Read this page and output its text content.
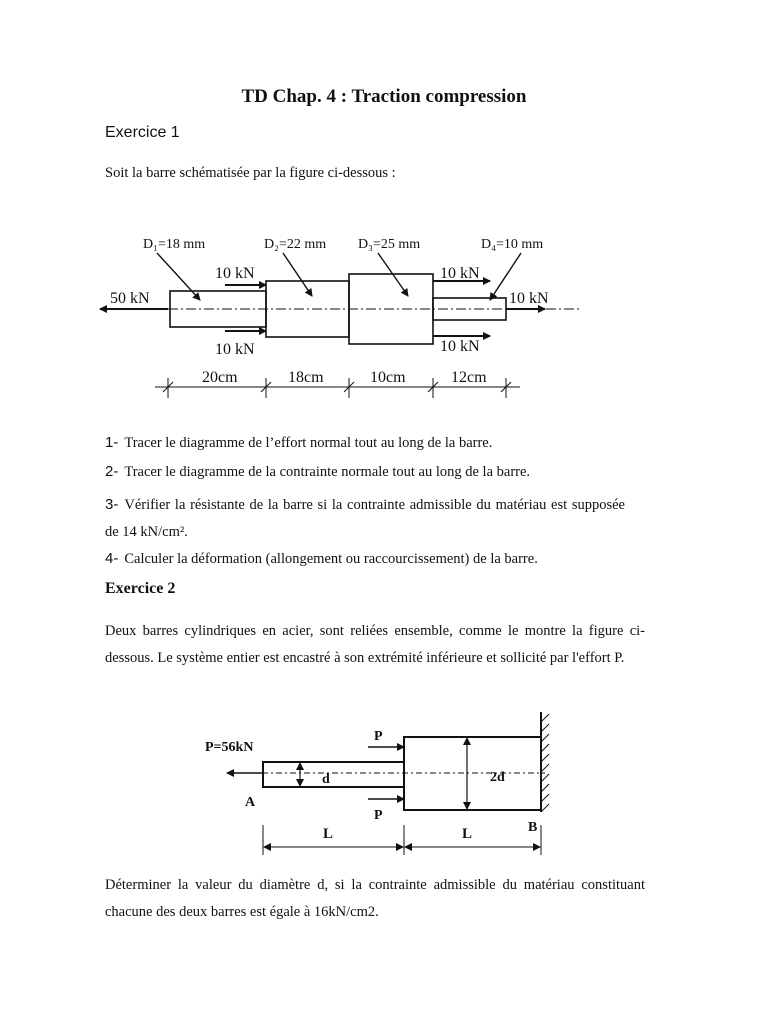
TD Chap. 4 : Traction compression
Exercice 1
Soit la barre schématisée par la figure ci-dessous :
D₁=18 mm	D₂=22 mm D₃=25 mm	D₄=10 mm
50 kN
10 kN
10 kN
10 kN
10 kN
10 kN
20cm	18cm	10cm	12cm
1- Tracer le diagramme de l’effort normal tout au long de la barre.
2- Tracer le diagramme de la contrainte normale tout au long de la barre.
3- Vérifier la résistante de la barre si la contrainte admissible du matériau est supposée de 14 kN/cm².
4- Calculer la déformation (allongement ou raccourcissement) de la barre.
Exercice 2
Deux barres cylindriques en acier, sont reliées ensemble, comme le montre la figure ci-dessous. Le système entier est encastré à son extrémité inférieure et sollicité par l'effort P.
P=56kN
P
P
d	2d
A
B
L	L
Déterminer la valeur du diamètre d, si la contrainte admissible du matériau constituant chacune des deux barres est égale à 16kN/cm2.
